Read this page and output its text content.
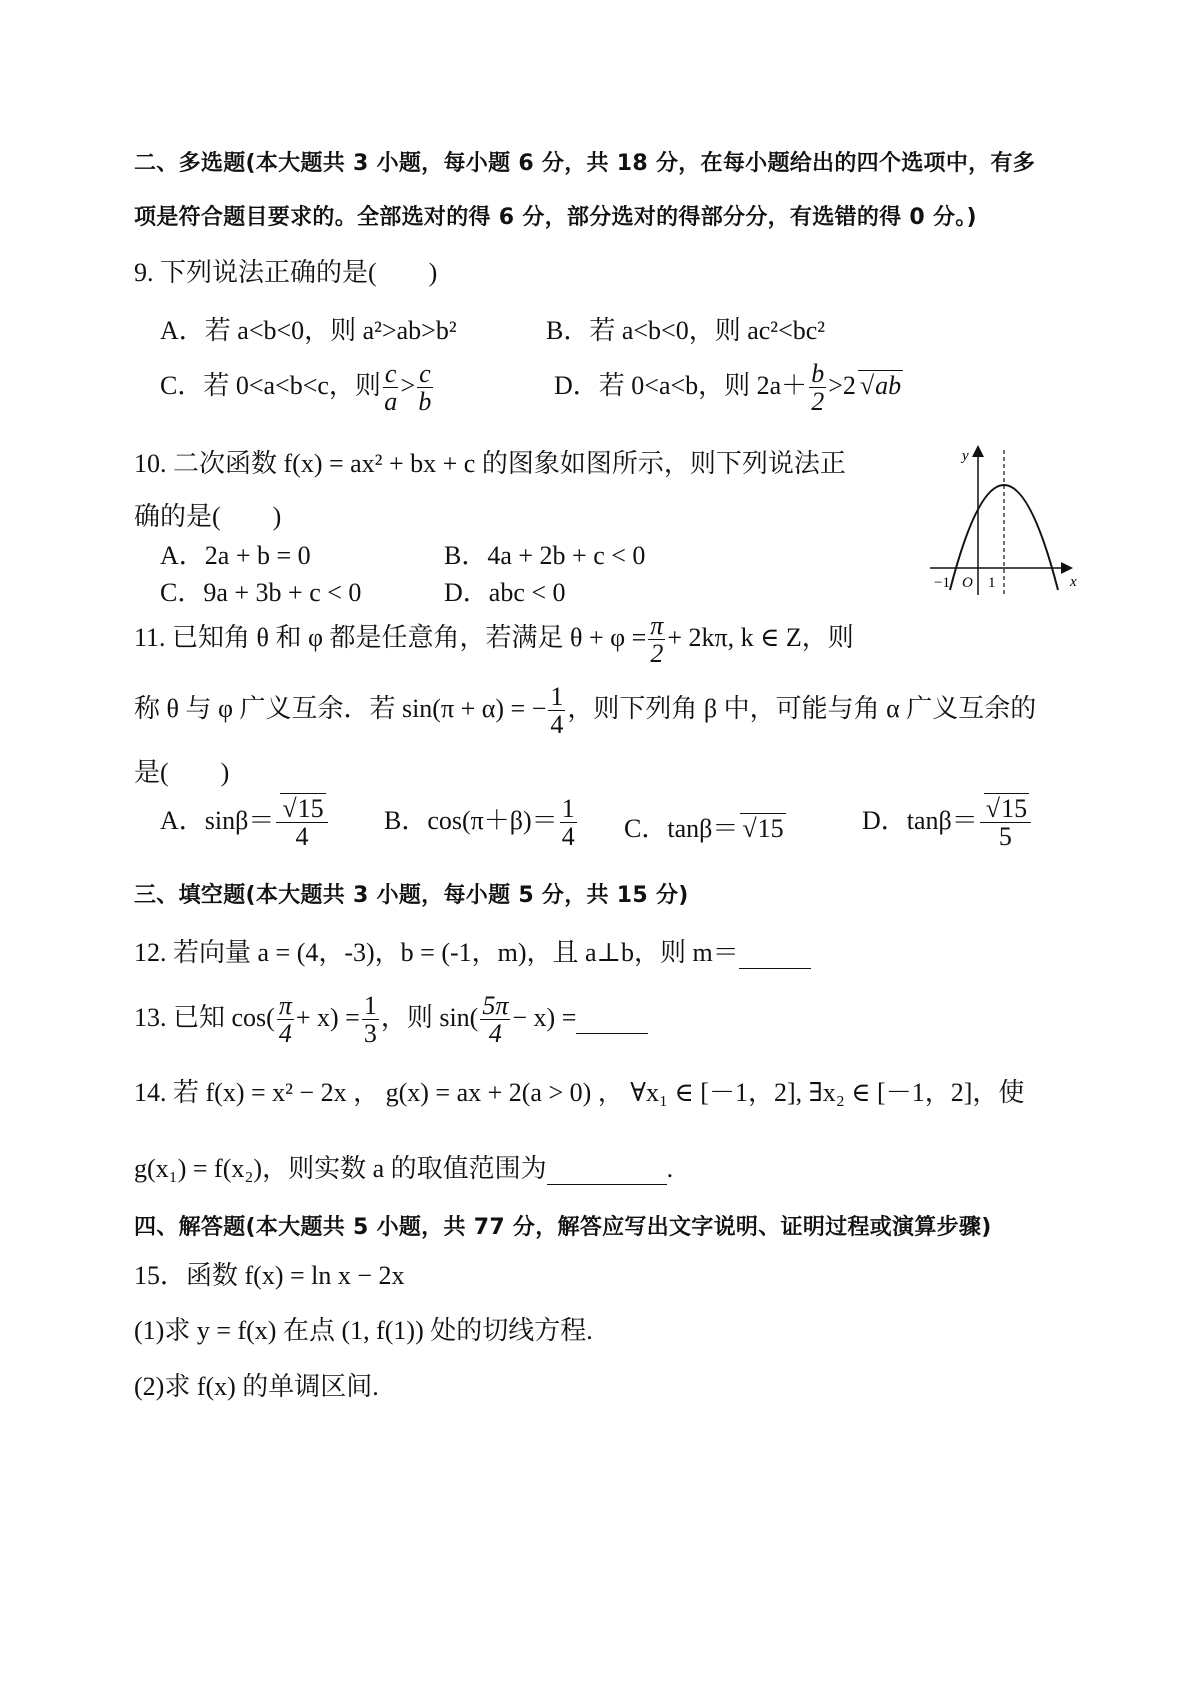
二、多选题(本大题共 3 小题，每小题 6 分，共 18 分，在每小题给出的四个选项中，有多
项是符合题目要求的。全部选对的得 6 分，部分选对的得部分分，有选错的得 0 分。)
9. 下列说法正确的是(　　)
A．若 a<b<0，则 a²>ab>b²	B．若 a<b<0，则 ac²<bc²
C．若 0<a<b<c，则 $\frac{c}{a} > \frac{c}{b}$	D．若 0<a<b，则 $2a+ \frac{b}{2} >2√$ ab
10. 二次函数 f(x) = ax² + bx + c 的图象如图所示，则下列说法正
确的是(　　)
A．2a + b = 0	B．4a + 2b + c < 0
C．9a + 3b + c < 0	D．abc < 0
y
x
O
−1	1
11. 已知角 θ 和 φ 都是任意角，若满足 $\theta + \varphi = \frac{\pi}{2} + 2k\pi$, k ∈ Z，则
称 θ 与 φ 广义互余．若 sin(π + α) = − $\frac{1}{4}$ ，则下列角 β 中，可能与角 α 广义互余的
是(　　)
A．sinβ＝
√ $\frac{15}{4}$ B．$\cos(\pi+\beta)= \frac{1}{4}$ C．tanβ＝√ 15	D．tanβ＝
√ $\frac{15}{5}$
三、填空题(本大题共 3 小题，每小题 5 分，共 15 分)
12. 若向量 a = (4，-3)，b = (-1，m)，且 a⊥b，则 m＝
13. 已知 $\cos( \frac{\pi}{4} + x) = \frac{1}{3}$ ，则 $\sin( \frac{5\pi}{4} - x)$ =
14. 若 f(x) = x² − 2x ， g(x) = ax + 2(a > 0) ， ∀x₁ ∈ [－1，2], ∃x₂ ∈ [－1，2]，使
g(x₁) = f(x₂)，则实数 a 的取值范围为	.
四、解答题(本大题共 5 小题，共 77 分，解答应写出文字说明、证明过程或演算步骤)
15．函数 f(x) = ln x − 2x
(1)求 y = f(x) 在点 (1, f(1)) 处的切线方程.
(2)求 f(x) 的单调区间.
